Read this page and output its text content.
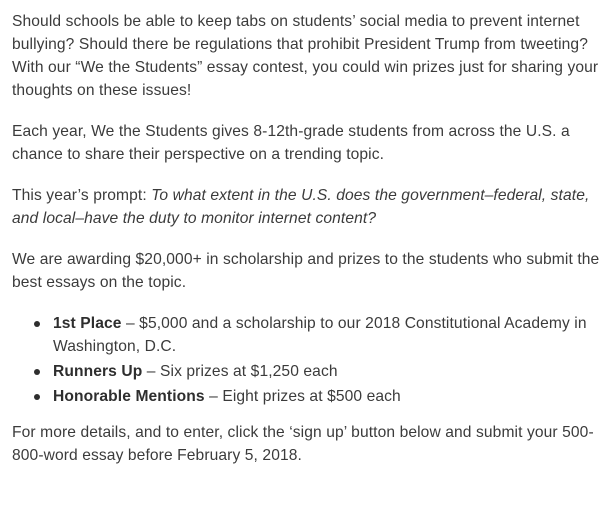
Should schools be able to keep tabs on students’ social media to prevent internet bullying? Should there be regulations that prohibit President Trump from tweeting? With our “We the Students” essay contest, you could win prizes just for sharing your thoughts on these issues!

Each year, We the Students gives 8-12th-grade students from across the U.S. a chance to share their perspective on a trending topic.

This year’s prompt: To what extent in the U.S. does the government–federal, state, and local–have the duty to monitor internet content?

We are awarding $20,000+ in scholarship and prizes to the students who submit the best essays on the topic.

1st Place – $5,000 and a scholarship to our 2018 Constitutional Academy in Washington, D.C.
Runners Up – Six prizes at $1,250 each
Honorable Mentions – Eight prizes at $500 each

For more details, and to enter, click the ‘sign up’ button below and submit your 500-800-word essay before February 5, 2018.
